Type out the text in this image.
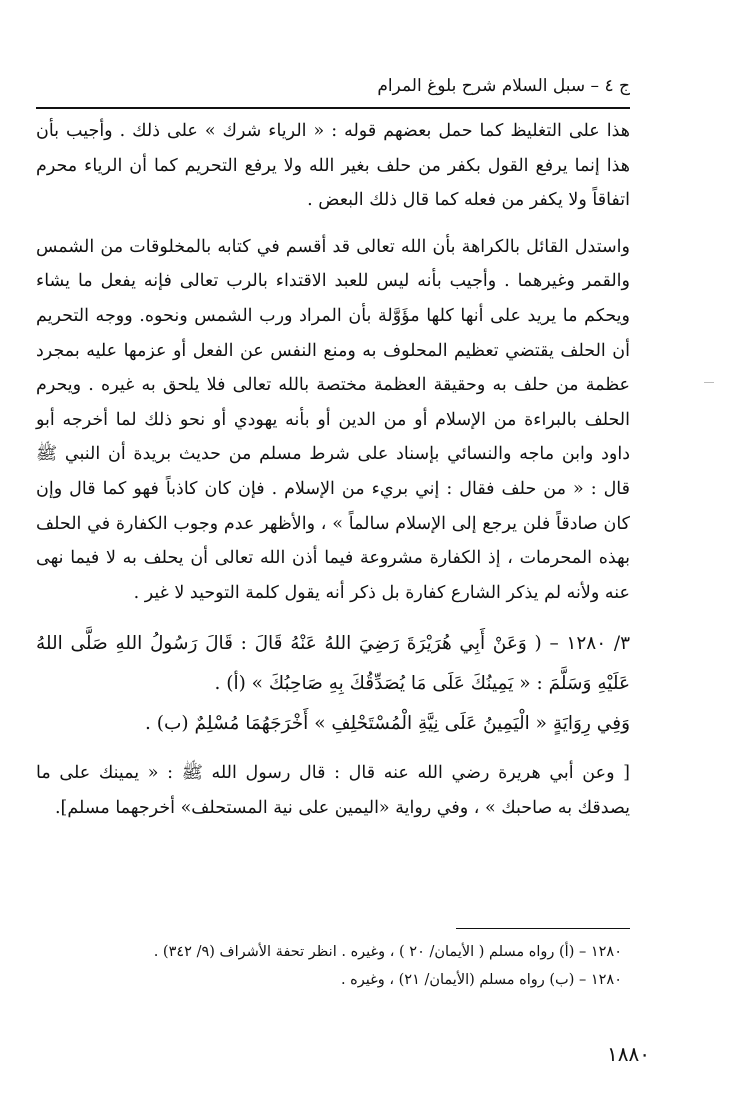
ج ٤ – سبل السلام شرح بلوغ المرام

هذا على التغليظ كما حمل بعضهم قوله : « الرياء شرك » على ذلك . وأجيب بأن هذا إنما يرفع القول بكفر من حلف بغير الله ولا يرفع التحريم كما أن الرياء محرم اتفاقاً ولا يكفر من فعله كما قال ذلك البعض .

واستدل القائل بالكراهة بأن الله تعالى قد أقسم في كتابه بالمخلوقات من الشمس والقمر وغيرهما . وأجيب بأنه ليس للعبد الاقتداء بالرب تعالى فإنه يفعل ما يشاء ويحكم ما يريد على أنها كلها مؤَوَّلة بأن المراد ورب الشمس ونحوه. ووجه التحريم أن الحلف يقتضي تعظيم المحلوف به ومنع النفس عن الفعل أو عزمها عليه بمجرد عظمة من حلف به وحقيقة العظمة مختصة بالله تعالى فلا يلحق به غيره . ويحرم الحلف بالبراءة من الإسلام أو من الدين أو بأنه يهودي أو نحو ذلك لما أخرجه أبو داود وابن ماجه والنسائي بإسناد على شرط مسلم من حديث بريدة أن النبي ﷺ قال : « من حلف فقال : إني بريء من الإسلام . فإن كان كاذباً فهو كما قال وإن كان صادقاً فلن يرجع إلى الإسلام سالماً » ، والأظهر عدم وجوب الكفارة في الحلف بهذه المحرمات ، إذ الكفارة مشروعة فيما أذن الله تعالى أن يحلف به لا فيما نهى عنه ولأنه لم يذكر الشارع كفارة بل ذكر أنه يقول كلمة التوحيد لا غير .

٣/ ١٢٨٠ – ( وَعَنْ أَبِي هُرَيْرَةَ رَضِيَ اللهُ عَنْهُ قَالَ : قَالَ رَسُولُ اللهِ صَلَّى اللهُ عَلَيْهِ وَسَلَّمَ : « يَمِينُكَ عَلَى مَا يُصَدِّقُكَ بِهِ صَاحِبُكَ » (أ) .

وَفِي رِوَايَةٍ « الْيَمِينُ عَلَى نِيَّةِ الْمُسْتَحْلِفِ » أَخْرَجَهُمَا مُسْلِمٌ (ب) .

[ وعن أبي هريرة رضي الله عنه قال : قال رسول الله ﷺ : « يمينك على ما يصدقك به صاحبك » ، وفي رواية «اليمين على نية المستحلف» أخرجهما مسلم].

١٢٨٠ – (أ) رواه مسلم ( الأيمان/ ٢٠ ) ، وغيره . انظر تحفة الأشراف (٩/ ٣٤٢) .

١٢٨٠ – (ب) رواه مسلم (الأيمان/ ٢١) ، وغيره .

١٨٨٠
